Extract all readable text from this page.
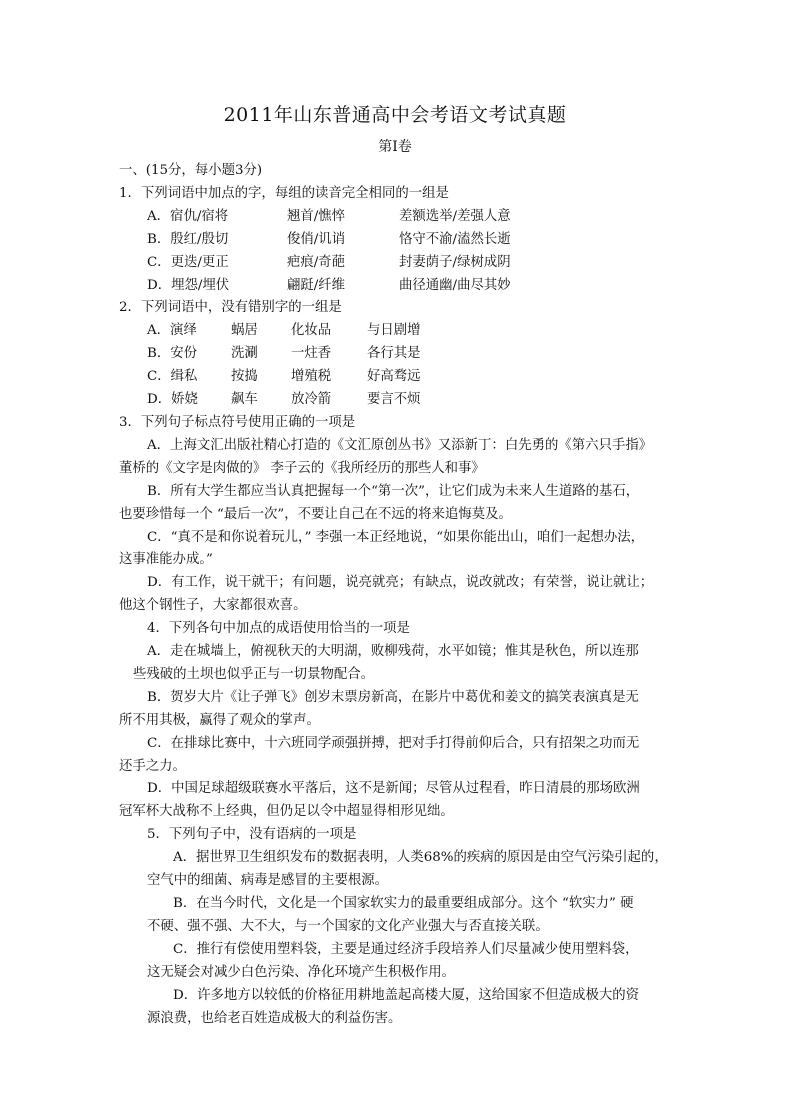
2011年山东普通高中会考语文考试真题
第Ⅰ卷
一、(15分，每小题3分)
1．下列词语中加点的字，每组的读音完全相同的一组是
A．宿仇/宿将	翘首/憔悴	差额选举/差强人意
B．殷红/殷切	俊俏/讥诮	恪守不渝/溘然长逝
C．更迭/更正	疤痕/奇葩	封妻荫子/绿树成阴
D．埋怨/埋伏	翩跹/纤维	曲径通幽/曲尽其妙
2．下列词语中，没有错别字的一组是
A．演绎	蜗居	化妆品	与日剧增
B．安份	洗涮	一炷香	各行其是
C．缉私	按捣	增殖税	好高骛远
D．娇娆	飙车	放冷箭	要言不烦
3．下列句子标点符号使用正确的一项是
A．上海文汇出版社精心打造的《文汇原创丛书》又添新丁：白先勇的《第六只手指》
董桥的《文字是肉做的》 李子云的《我所经历的那些人和事》
B．所有大学生都应当认真把握每一个“第一次”，让它们成为未来人生道路的基石，
也要珍惜每一个 “最后一次”，不要让自己在不远的将来追悔莫及。
C．“真不是和你说着玩儿，” 李强一本正经地说，“如果你能出山，咱们一起想办法，
这事准能办成。”
D．有工作，说干就干；有问题，说亮就亮；有缺点，说改就改；有荣誉，说让就让；
他这个钢性子，大家都很欢喜。
4．下列各句中加点的成语使用恰当的一项是
A．走在城墙上，俯视秋天的大明湖，败柳残荷，水平如镜；惟其是秋色，所以连那
些残破的土坝也似乎正与一切景物配合。
B．贺岁大片《让子弹飞》创岁末票房新高，在影片中葛优和姜文的搞笑表演真是无
所不用其极，赢得了观众的掌声。
C．在排球比赛中，十六班同学顽强拼搏，把对手打得前仰后合，只有招架之功而无
还手之力。
D．中国足球超级联赛水平落后，这不是新闻；尽管从过程看，昨日清晨的那场欧洲
冠军杯大战称不上经典，但仍足以令中超显得相形见绌。
5．下列句子中，没有语病的一项是
A．据世界卫生组织发布的数据表明，人类68%的疾病的原因是由空气污染引起的，
空气中的细菌、病毒是感冒的主要根源。
B．在当今时代，文化是一个国家软实力的最重要组成部分。这个 “软实力” 硬
不硬、强不强、大不大，与一个国家的文化产业强大与否直接关联。
C．推行有偿使用塑料袋，主要是通过经济手段培养人们尽量减少使用塑料袋，
这无疑会对减少白色污染、净化环境产生积极作用。
D．许多地方以较低的价格征用耕地盖起高楼大厦，这给国家不但造成极大的资
源浪费，也给老百姓造成极大的利益伤害。
